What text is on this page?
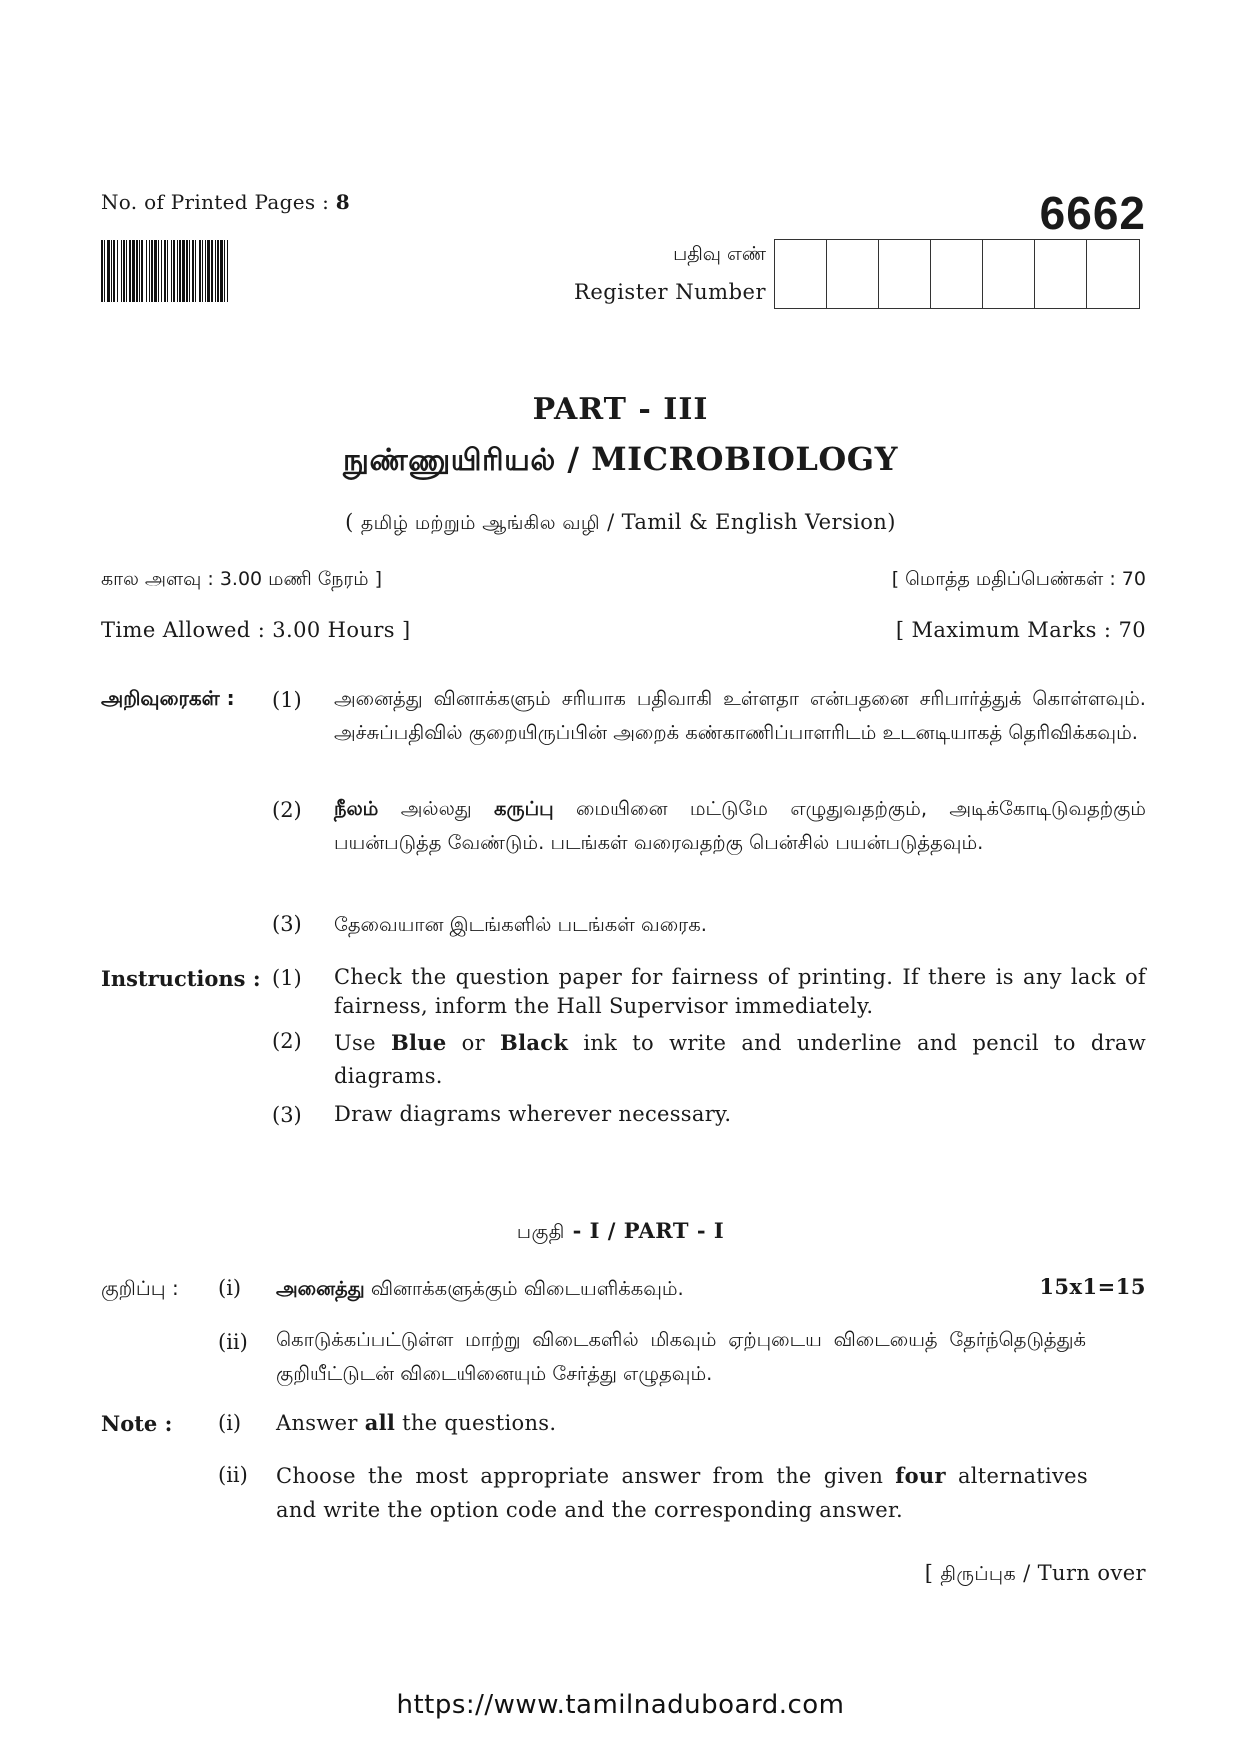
No. of Printed Pages : 8	6662
பதிவு எண்
Register Number
PART - III
நுண்ணுயிரியல் / MICROBIOLOGY
( தமிழ் மற்றும் ஆங்கில வழி / Tamil & English Version)
கால அளவு : 3.00 மணி நேரம் ]	[ மொத்த மதிப்பெண்கள் : 70
Time Allowed : 3.00 Hours ]	[ Maximum Marks : 70
அறிவுரைகள் : (1) அனைத்து வினாக்களும் சரியாக பதிவாகி உள்ளதா என்பதனை சரிபார்த்துக் கொள்ளவும். அச்சுப்பதிவில் குறையிருப்பின் அறைக் கண்காணிப்பாளரிடம் உடனடியாகத் தெரிவிக்கவும்.
(2) நீலம் அல்லது கருப்பு மையினை மட்டுமே எழுதுவதற்கும், அடிக்கோடிடுவதற்கும் பயன்படுத்த வேண்டும். படங்கள் வரைவதற்கு பென்சில் பயன்படுத்தவும்.
(3) தேவையான இடங்களில் படங்கள் வரைக.
Instructions : (1) Check the question paper for fairness of printing. If there is any lack of fairness, inform the Hall Supervisor immediately.
(2) Use Blue or Black ink to write and underline and pencil to draw diagrams.
(3) Draw diagrams wherever necessary.
பகுதி - I / PART - I
குறிப்பு : (i) அனைத்து வினாக்களுக்கும் விடையளிக்கவும்.	15x1=15
(ii) கொடுக்கப்பட்டுள்ள மாற்று விடைகளில் மிகவும் ஏற்புடைய விடையைத் தேர்ந்தெடுத்துக் குறியீட்டுடன் விடையினையும் சேர்த்து எழுதவும்.
Note : (i) Answer all the questions.
(ii) Choose the most appropriate answer from the given four alternatives and write the option code and the corresponding answer.
[ திருப்புக / Turn over
https://www.tamilnaduboard.com
